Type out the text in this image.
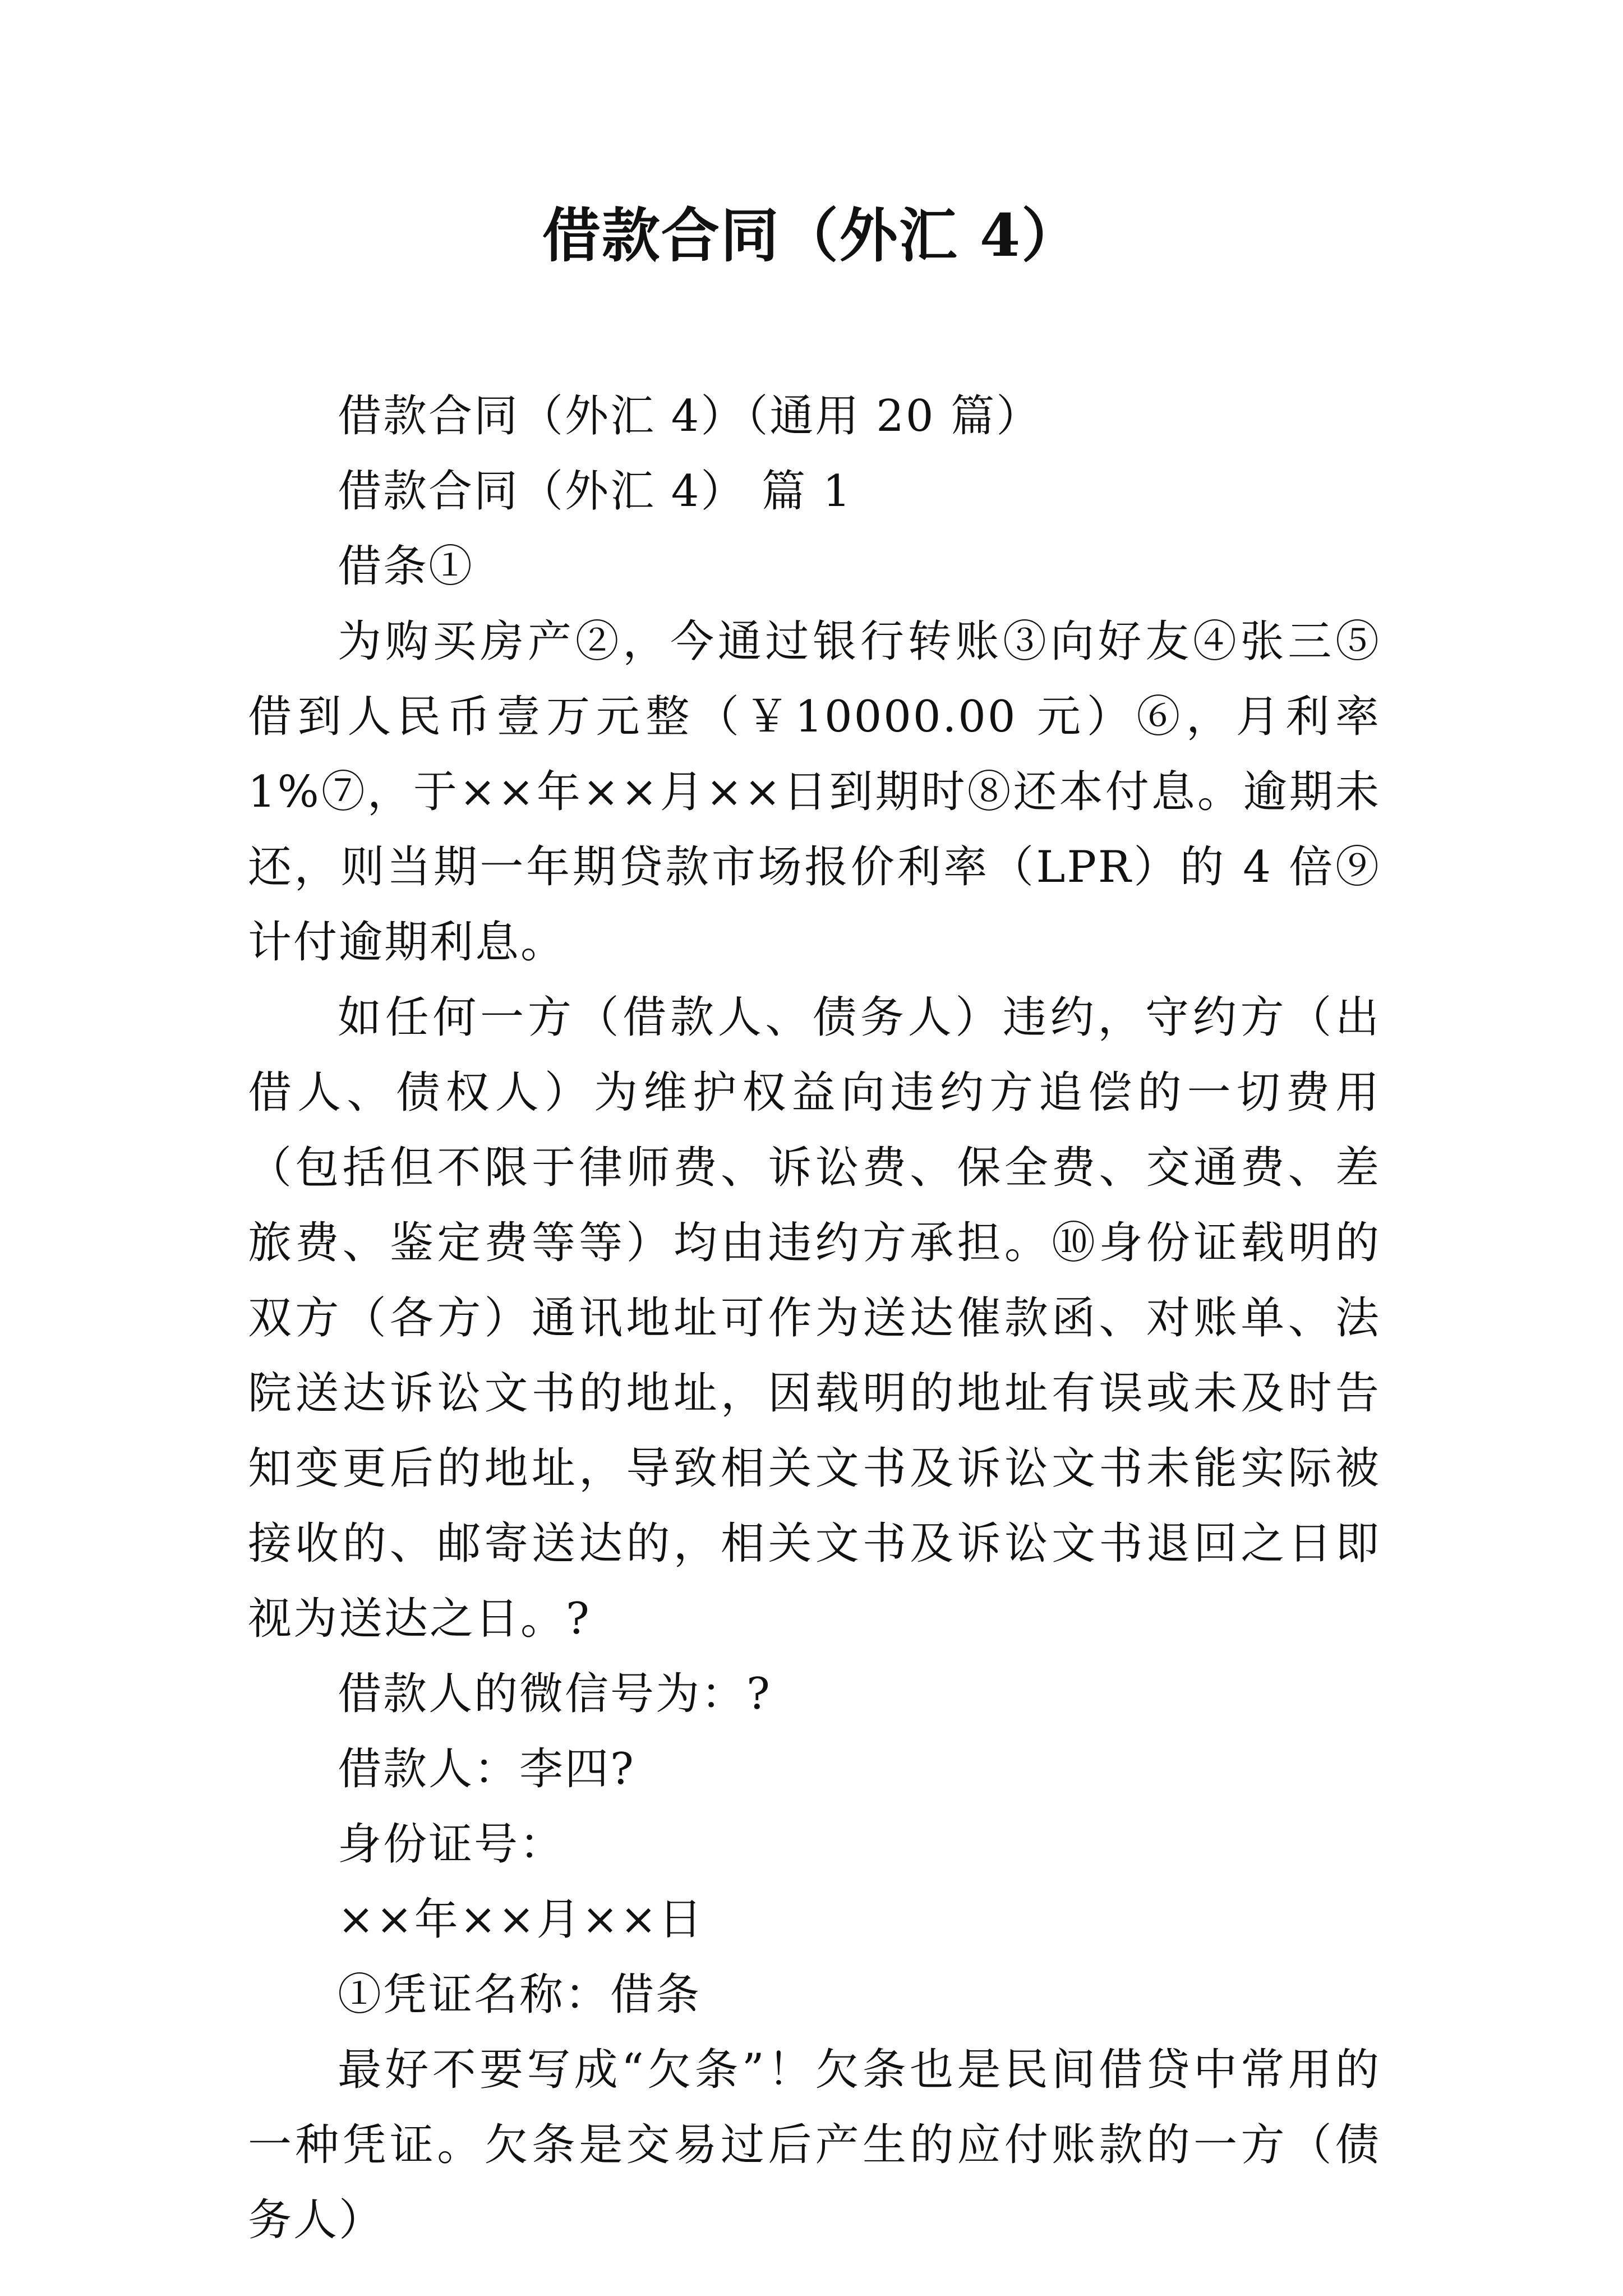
借款合同（外汇 4）

借款合同（外汇 4）（通用 20 篇）

借款合同（外汇 4） 篇 1

借条①

为购买房产②，今通过银行转账③向好友④张三⑤借到人民币壹万元整（￥10000.00 元）⑥，月利率 1%⑦，于××年××月××日到期时⑧还本付息。逾期未还，则当期一年期贷款市场报价利率（LPR）的 4 倍⑨计付逾期利息。

如任何一方（借款人、债务人）违约，守约方（出借人、债权人）为维护权益向违约方追偿的一切费用（包括但不限于律师费、诉讼费、保全费、交通费、差旅费、鉴定费等等）均由违约方承担。⑩身份证载明的双方（各方）通讯地址可作为送达催款函、对账单、法院送达诉讼文书的地址，因载明的地址有误或未及时告知变更后的地址，导致相关文书及诉讼文书未能实际被接收的、邮寄送达的，相关文书及诉讼文书退回之日即视为送达之日。?

借款人的微信号为：?

借款人：李四?

身份证号：

××年××月××日

①凭证名称：借条

最好不要写成“欠条”！欠条也是民间借贷中常用的一种凭证。欠条是交易过后产生的应付账款的一方（债务人）
